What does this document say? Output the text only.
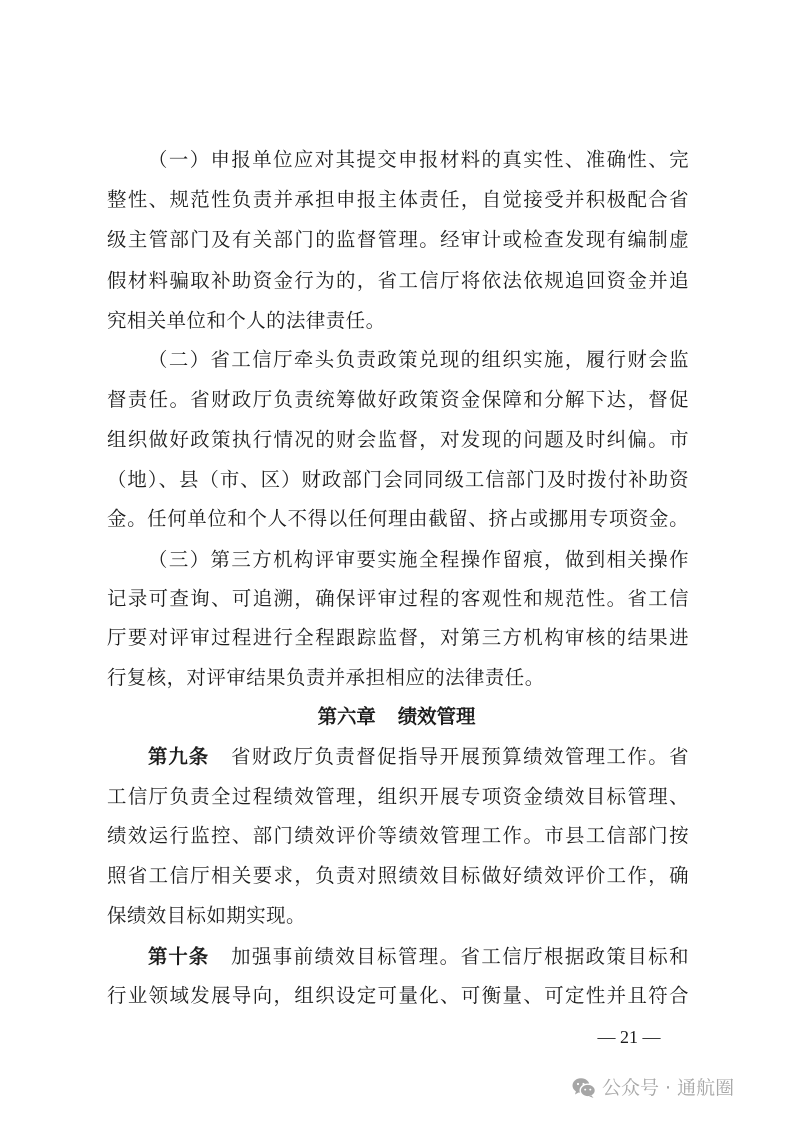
（一）申报单位应对其提交申报材料的真实性、准确性、完
整性、规范性负责并承担申报主体责任，自觉接受并积极配合省
级主管部门及有关部门的监督管理。经审计或检查发现有编制虚
假材料骗取补助资金行为的，省工信厅将依法依规追回资金并追
究相关单位和个人的法律责任。
（二）省工信厅牵头负责政策兑现的组织实施，履行财会监
督责任。省财政厅负责统筹做好政策资金保障和分解下达，督促
组织做好政策执行情况的财会监督，对发现的问题及时纠偏。市
（地）、县（市、区）财政部门会同同级工信部门及时拨付补助资
金。任何单位和个人不得以任何理由截留、挤占或挪用专项资金。
（三）第三方机构评审要实施全程操作留痕，做到相关操作
记录可查询、可追溯，确保评审过程的客观性和规范性。省工信
厅要对评审过程进行全程跟踪监督，对第三方机构审核的结果进
行复核，对评审结果负责并承担相应的法律责任。
第六章 绩效管理
第九条 省财政厅负责督促指导开展预算绩效管理工作。省
工信厅负责全过程绩效管理，组织开展专项资金绩效目标管理、
绩效运行监控、部门绩效评价等绩效管理工作。市县工信部门按
照省工信厅相关要求，负责对照绩效目标做好绩效评价工作，确
保绩效目标如期实现。
第十条 加强事前绩效目标管理。省工信厅根据政策目标和
行业领域发展导向，组织设定可量化、可衡量、可定性并且符合
— 21 —
公众号 · 通航圈
